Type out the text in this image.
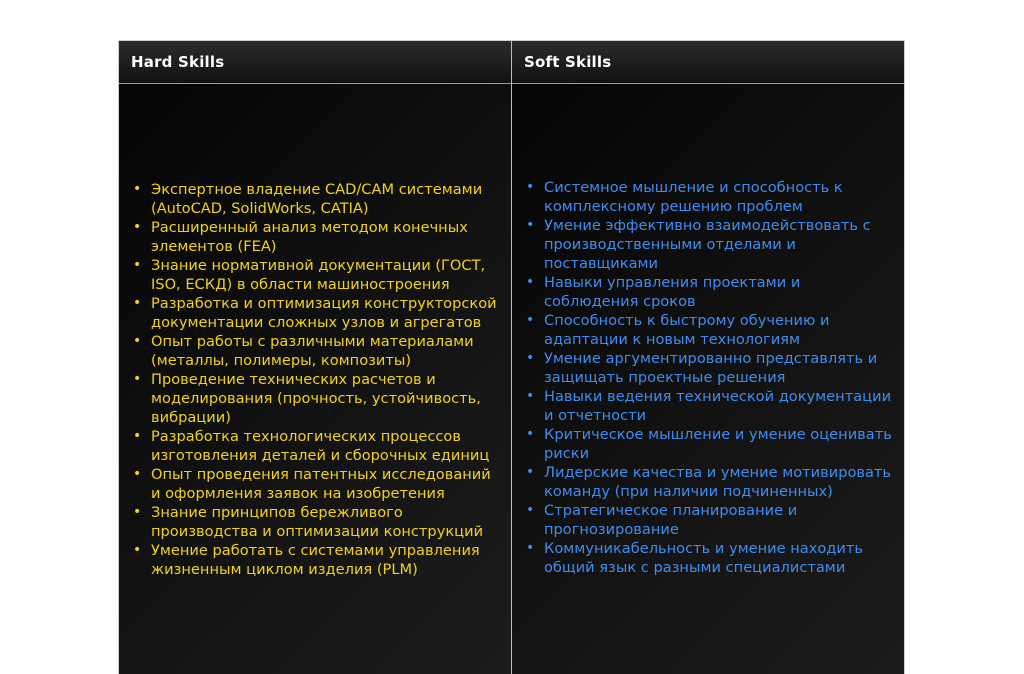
Hard Skills
• Экспертное владение CAD/CAM системами (AutoCAD, SolidWorks, CATIA)
• Расширенный анализ методом конечных элементов (FEA)
• Знание нормативной документации (ГОСТ, ISO, ЕСКД) в области машиностроения
• Разработка и оптимизация конструкторской документации сложных узлов и агрегатов
• Опыт работы с различными материалами (металлы, полимеры, композиты)
• Проведение технических расчетов и моделирования (прочность, устойчивость, вибрации)
• Разработка технологических процессов изготовления деталей и сборочных единиц
• Опыт проведения патентных исследований и оформления заявок на изобретения
• Знание принципов бережливого производства и оптимизации конструкций
• Умение работать с системами управления жизненным циклом изделия (PLM)
Soft Skills
• Системное мышление и способность к комплексному решению проблем
• Умение эффективно взаимодействовать с производственными отделами и поставщиками
• Навыки управления проектами и соблюдения сроков
• Способность к быстрому обучению и адаптации к новым технологиям
• Умение аргументированно представлять и защищать проектные решения
• Навыки ведения технической документации и отчетности
• Критическое мышление и умение оценивать риски
• Лидерские качества и умение мотивировать команду (при наличии подчиненных)
• Стратегическое планирование и прогнозирование
• Коммуникабельность и умение находить общий язык с разными специалистами
